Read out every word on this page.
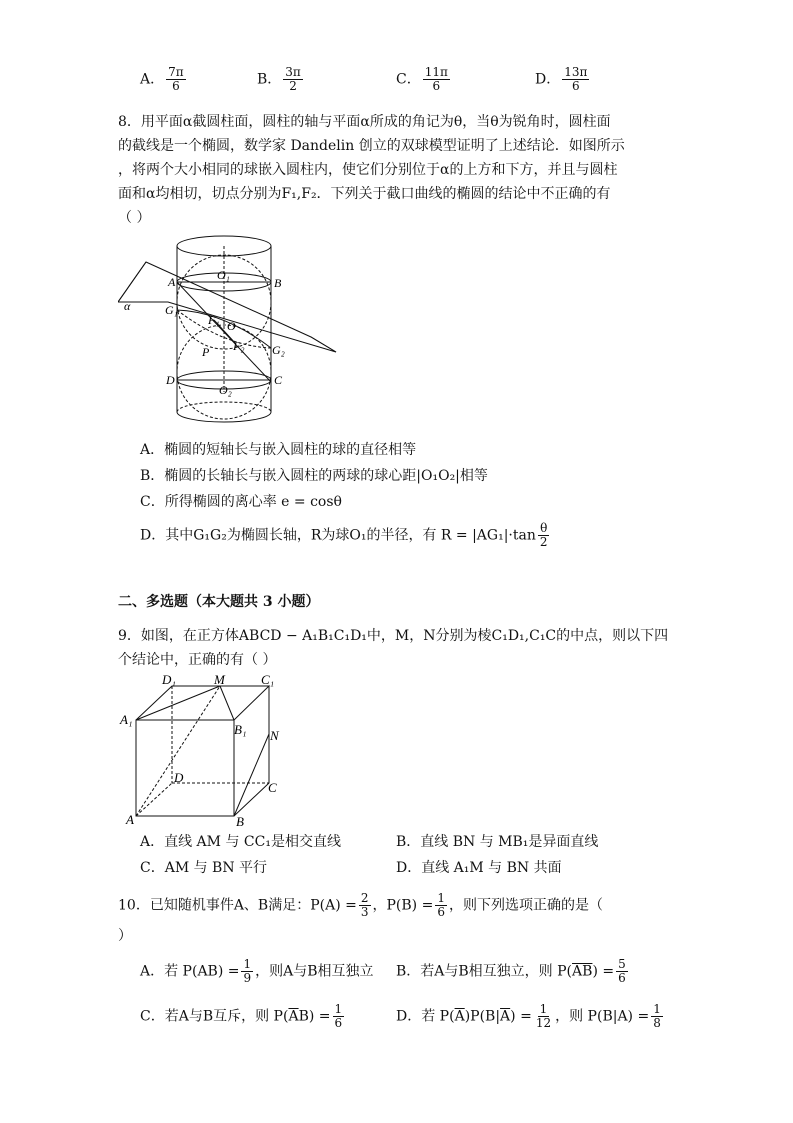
A． $\frac{7\pi}{6}$	B． $\frac{3\pi}{2}$	C． $\frac{11\pi}{6}$	D． $\frac{13\pi}{6}$
8．用平面α截圆柱面，圆柱的轴与平面α所成的角记为θ，当θ为锐角时，圆柱面
的截线是一个椭圆，数学家 Dandelin 创立的双球模型证明了上述结论．如图所示
，将两个大小相同的球嵌入圆柱内，使它们分别位于α的上方和下方，并且与圆柱
面和α均相切，切点分别为F₁,F₂．下列关于截口曲线的椭圆的结论中不正确的有
（ ）
A	B
C
D
O₁
O₂
O
F₁
F₂
G₁
G₂
P
α
A．椭圆的短轴长与嵌入圆柱的球的直径相等
B．椭圆的长轴长与嵌入圆柱的两球的球心距|O₁O₂|相等
C．所得椭圆的离心率 e = cosθ
D．其中G₁G₂为椭圆长轴，R为球O₁的半径，有 $R = |AG_1|\cdot\tan \frac{\theta}{2}$
二、多选题（本大题共 3 小题）
9．如图，在正方体ABCD − A₁B₁C₁D₁中，M，N分别为棱C₁D₁,C₁C的中点，则以下四
个结论中，正确的有（ ）
D₁	M	C₁
A₁
B₁ N
D
C
A	B
A．直线 AM 与 CC₁是相交直线	B．直线 BN 与 MB₁是异面直线
C．AM 与 BN 平行	D．直线 A₁M 与 BN 共面
10．已知随机事件A、B满足：$P(A) = \frac{2}{3}$ ，$P(B) = \frac{1}{6}$ ，则下列选项正确的是（
）
A．若 $P(AB) = \frac{1}{9}$ ，则A与B相互独立 B．若A与B相互独立，则 $P(\overline{AB}) = \frac{5}{6}$
C．若A与B互斥，则 $P(\overline{A}B) = \frac{1}{6}$	D．若 $P(\overline{A})P(B|\overline{A}) = \frac{1}{12}$ ，则 $P(B|A) = \frac{1}{8}$
